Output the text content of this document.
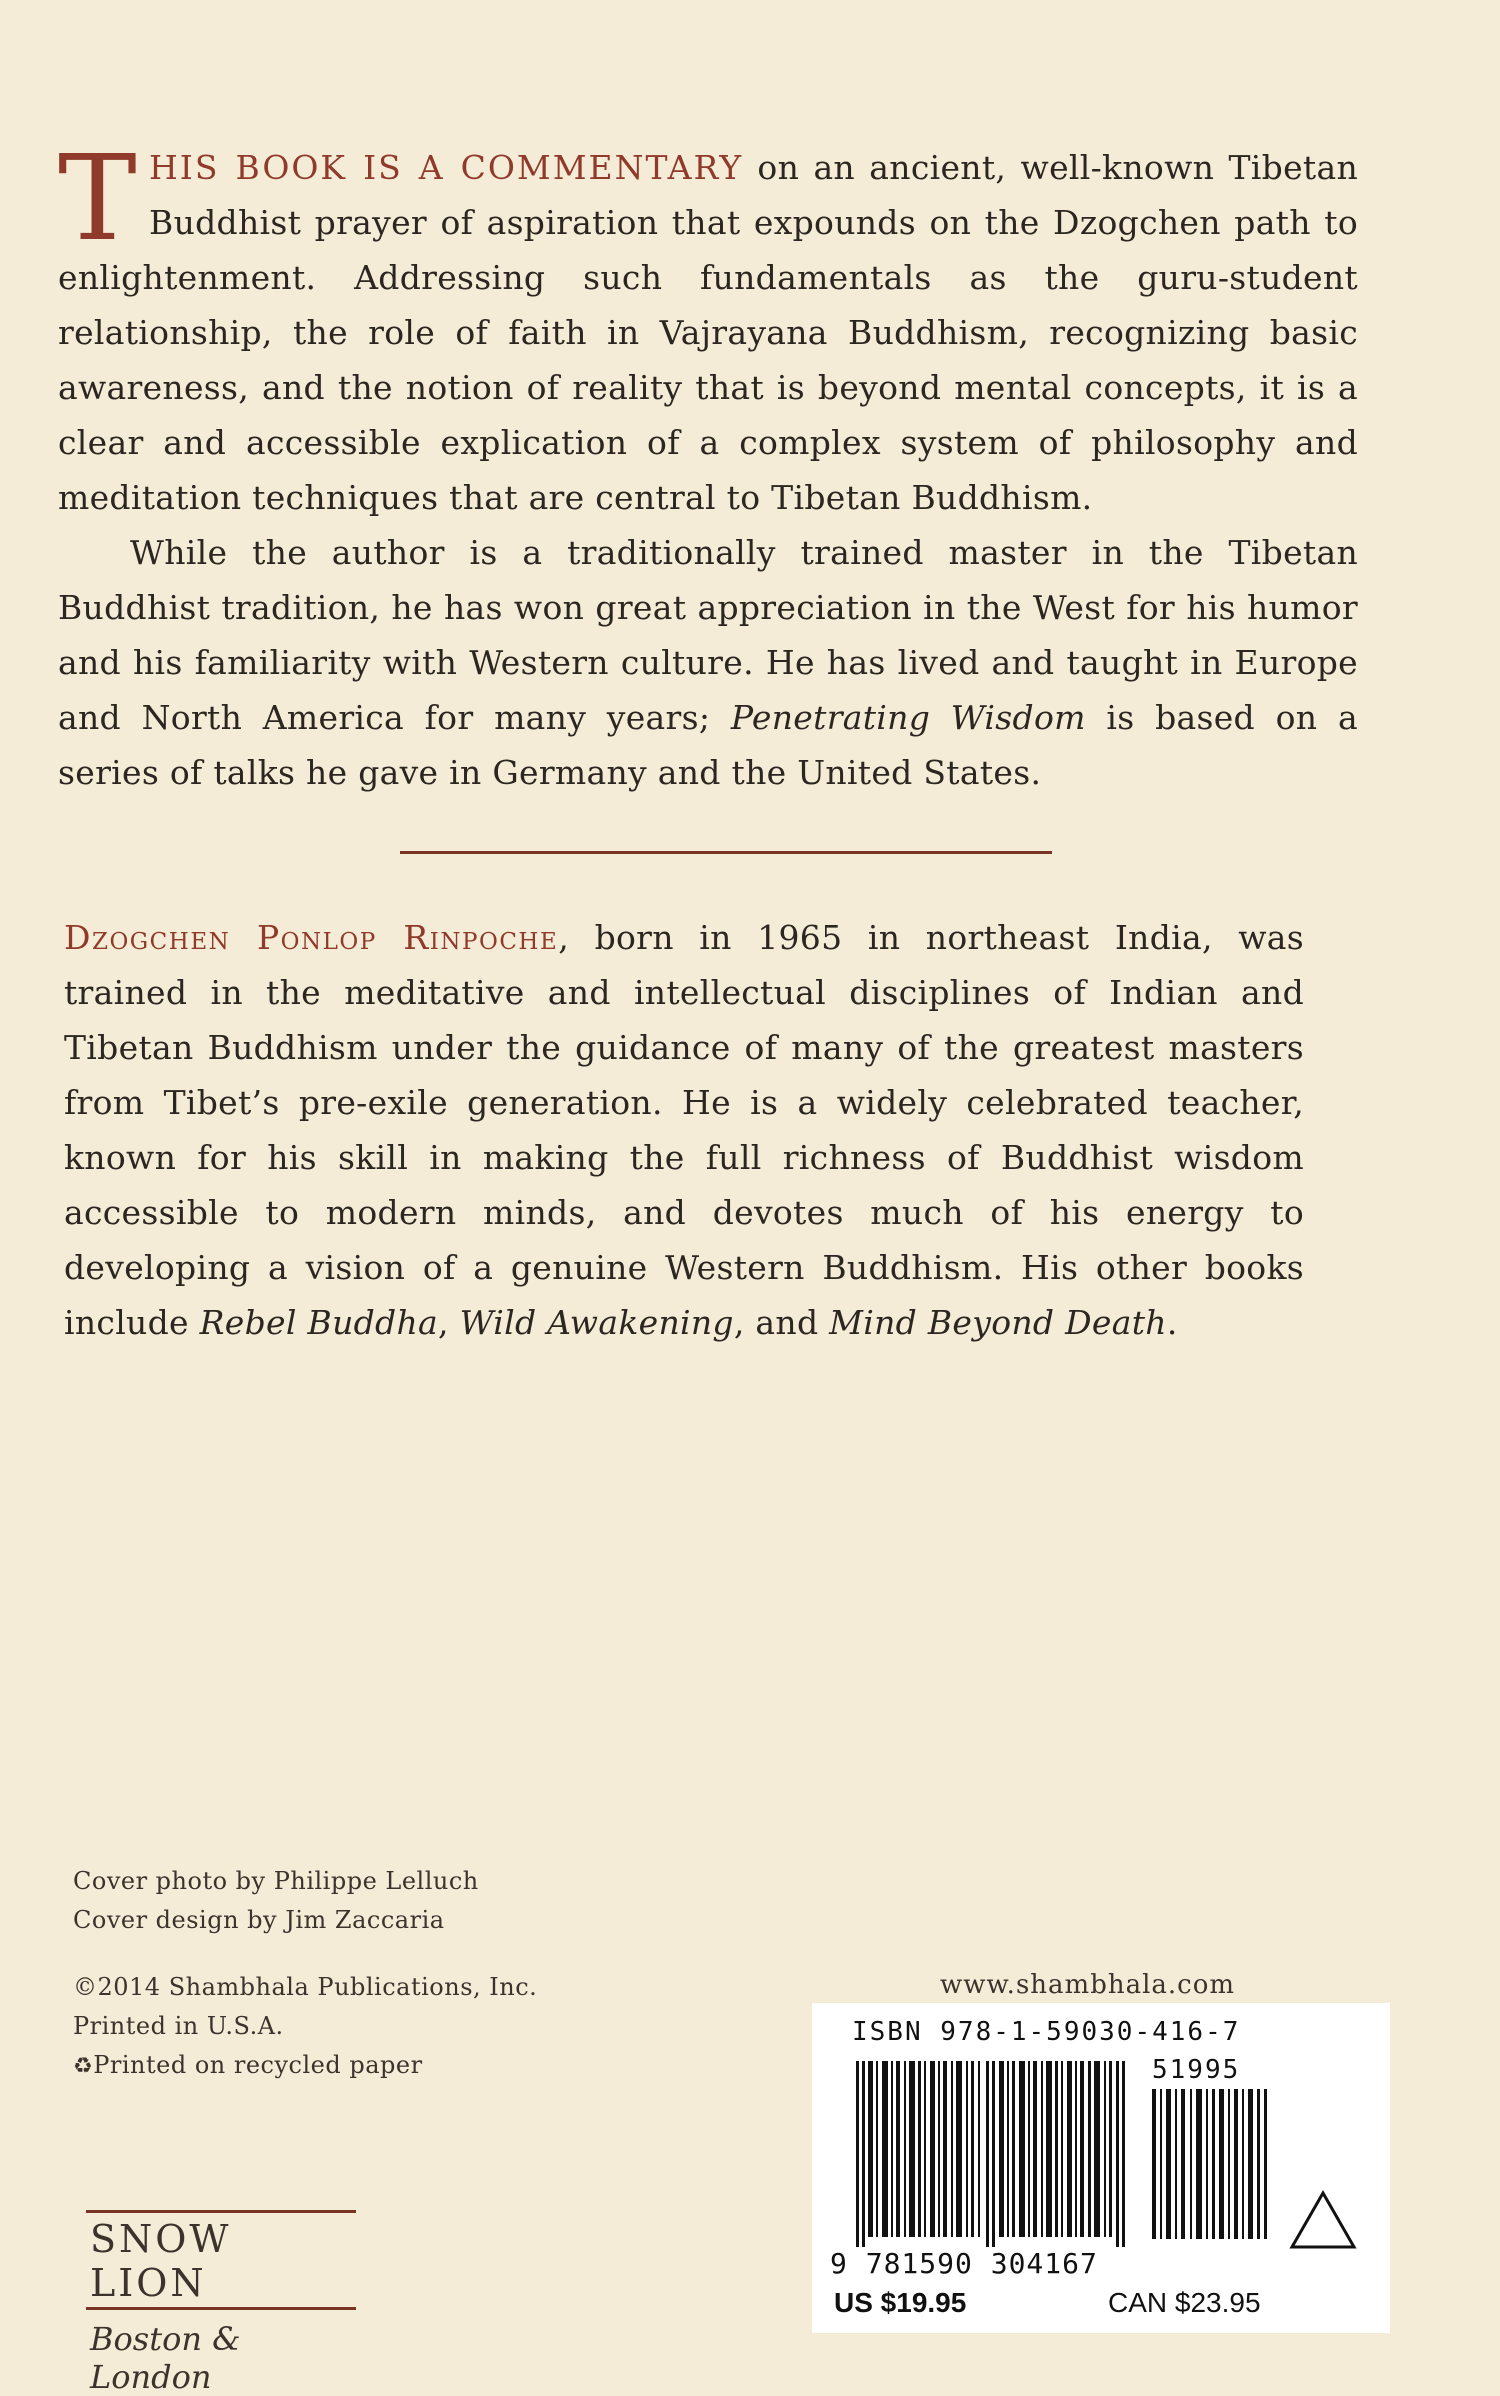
THIS BOOK IS A COMMENTARY on an ancient, well-known Tibetan Buddhist prayer of aspiration that expounds on the Dzogchen path to enlightenment. Addressing such fundamentals as the guru-student relationship, the role of faith in Vajrayana Buddhism, recognizing basic awareness, and the notion of reality that is beyond mental concepts, it is a clear and accessible explication of a complex system of philosophy and meditation techniques that are central to Tibetan Buddhism.

While the author is a traditionally trained master in the Tibetan Buddhist tradition, he has won great appreciation in the West for his humor and his familiarity with Western culture. He has lived and taught in Europe and North America for many years; Penetrating Wisdom is based on a series of talks he gave in Germany and the United States.

Dzogchen Ponlop Rinpoche, born in 1965 in northeast India, was trained in the meditative and intellectual disciplines of Indian and Tibetan Buddhism under the guidance of many of the greatest masters from Tibet’s pre-exile generation. He is a widely celebrated teacher, known for his skill in making the full richness of Buddhist wisdom accessible to modern minds, and devotes much of his energy to developing a vision of a genuine Western Buddhism. His other books include Rebel Buddha, Wild Awakening, and Mind Beyond Death.

Cover photo by Philippe Lelluch
Cover design by Jim Zaccaria
©2014 Shambhala Publications, Inc.
Printed in U.S.A.
♻Printed on recycled paper
www.shambhala.com
SNOW LION
Boston & London
ISBN 978-1-59030-416-7
51995
9 781590 304167
US $19.95	CAN $23.95
